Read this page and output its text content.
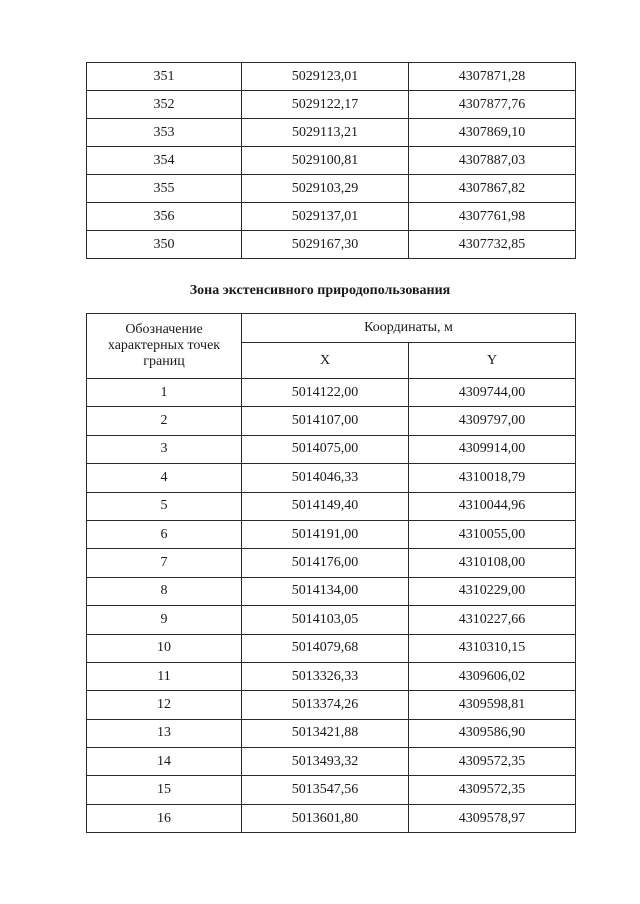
351	5029123,01	4307871,28
352	5029122,17	4307877,76
353	5029113,21	4307869,10
354	5029100,81	4307887,03
355	5029103,29	4307867,82
356	5029137,01	4307761,98
350	5029167,30	4307732,85
Зона экстенсивного природопользования
Обозначение характерных точек границ	Координаты, м	
	X	Y
1	5014122,00	4309744,00
2	5014107,00	4309797,00
3	5014075,00	4309914,00
4	5014046,33	4310018,79
5	5014149,40	4310044,96
6	5014191,00	4310055,00
7	5014176,00	4310108,00
8	5014134,00	4310229,00
9	5014103,05	4310227,66
10	5014079,68	4310310,15
11	5013326,33	4309606,02
12	5013374,26	4309598,81
13	5013421,88	4309586,90
14	5013493,32	4309572,35
15	5013547,56	4309572,35
16	5013601,80	4309578,97
